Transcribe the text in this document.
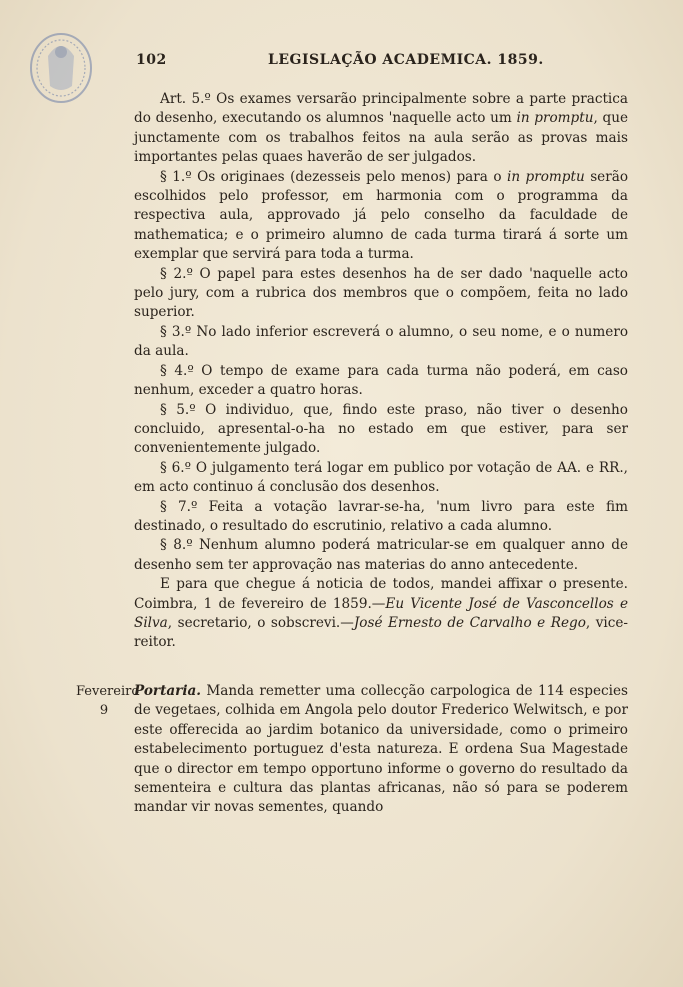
102	LEGISLAÇÃO ACADEMICA. 1859.

Art. 5.º Os exames versarão principalmente sobre a parte practica do desenho, executando os alumnos 'naquelle acto um in promptu, que junctamente com os trabalhos feitos na aula serão as provas mais importantes pelas quaes haverão de ser julgados.

§ 1.º Os originaes (dezesseis pelo menos) para o in promptu serão escolhidos pelo professor, em harmonia com o programma da respectiva aula, approvado já pelo conselho da faculdade de mathematica; e o primeiro alumno de cada turma tirará á sorte um exemplar que servirá para toda a turma.

§ 2.º O papel para estes desenhos ha de ser dado 'naquelle acto pelo jury, com a rubrica dos membros que o compõem, feita no lado superior.

§ 3.º No lado inferior escreverá o alumno, o seu nome, e o numero da aula.

§ 4.º O tempo de exame para cada turma não poderá, em caso nenhum, exceder a quatro horas.

§ 5.º O individuo, que, findo este praso, não tiver o desenho concluido, apresental-o-ha no estado em que estiver, para ser convenientemente julgado.

§ 6.º O julgamento terá logar em publico por votação de AA. e RR., em acto continuo á conclusão dos desenhos.

§ 7.º Feita a votação lavrar-se-ha, 'num livro para este fim destinado, o resultado do escrutinio, relativo a cada alumno.

§ 8.º Nenhum alumno poderá matricular-se em qualquer anno de desenho sem ter approvação nas materias do anno antecedente.

E para que chegue á noticia de todos, mandei affixar o presente. Coimbra, 1 de fevereiro de 1859.—Eu Vicente José de Vasconcellos e Silva, secretario, o sobscrevi.—José Ernesto de Carvalho e Rego, vice-reitor.

Fevereiro
9
Portaria. Manda remetter uma collecção carpologica de 114 especies de vegetaes, colhida em Angola pelo doutor Frederico Welwitsch, e por este offerecida ao jardim botanico da universidade, como o primeiro estabelecimento portuguez d'esta natureza. E ordena Sua Magestade que o director em tempo opportuno informe o governo do resultado da sementeira e cultura das plantas africanas, não só para se poderem mandar vir novas sementes, quando
